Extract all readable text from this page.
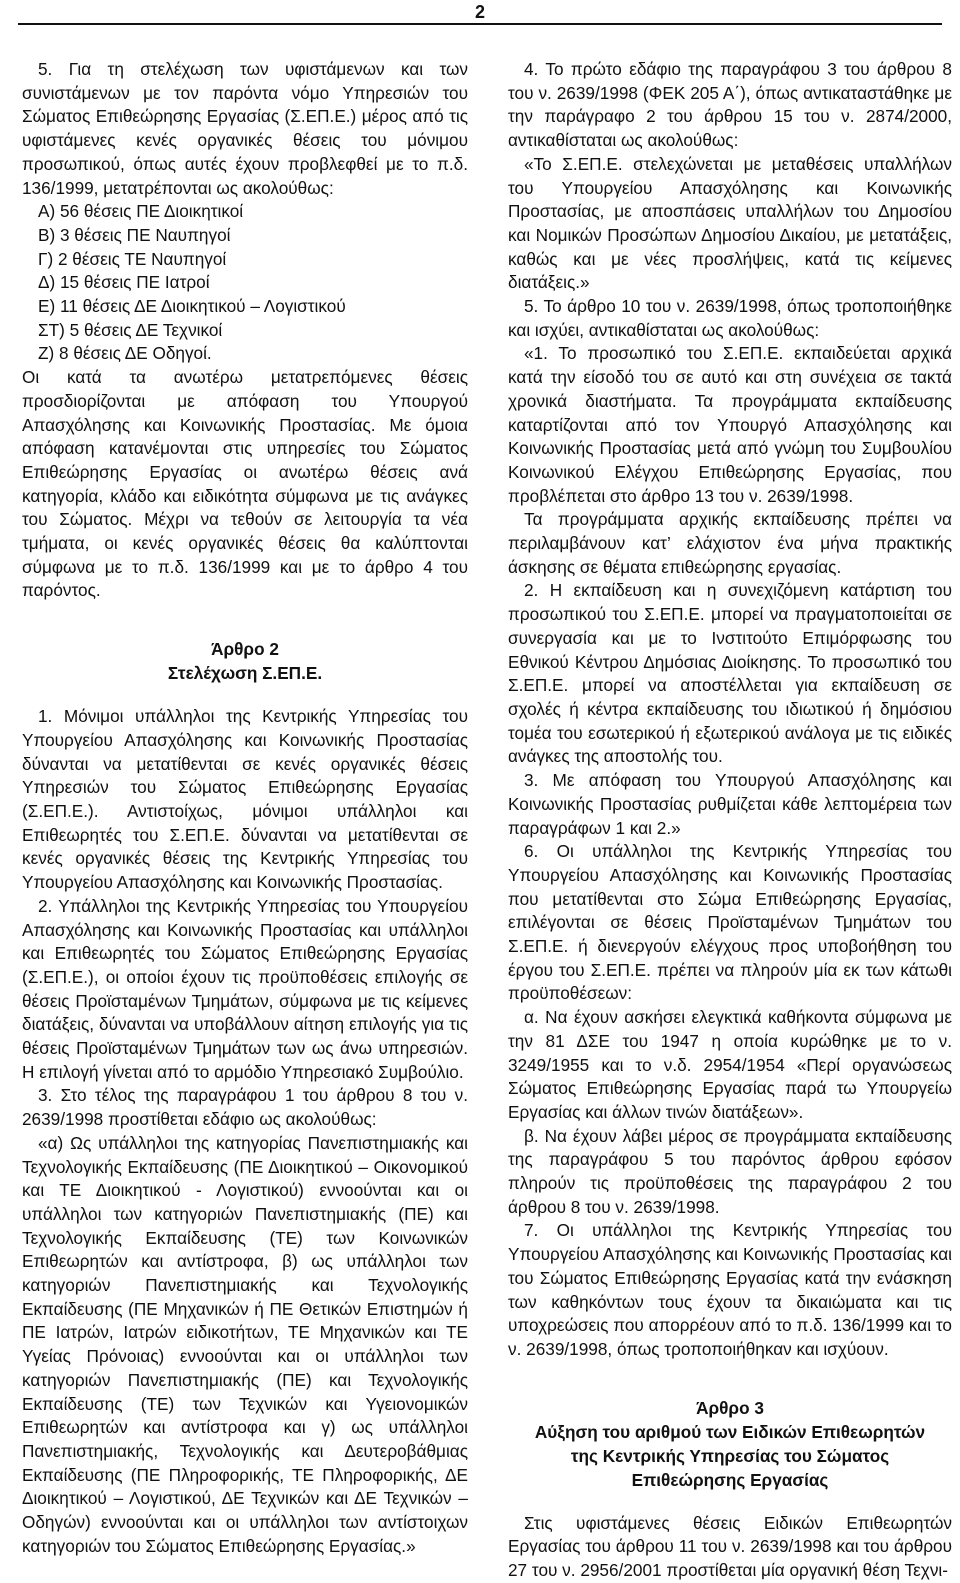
2

5. Για τη στελέχωση των υφιστάμενων και των συνιστάμενων με τον παρόντα νόμο Υπηρεσιών του Σώματος Επιθεώρησης Εργασίας (Σ.ΕΠ.Ε.) μέρος από τις υφιστάμενες κενές οργανικές θέσεις του μόνιμου προσωπικού, όπως αυτές έχουν προβλεφθεί με το π.δ. 136/1999, μετατρέπονται ως ακολούθως:

Α) 56 θέσεις ΠΕ Διοικητικοί

Β) 3 θέσεις ΠΕ Ναυπηγοί

Γ) 2 θέσεις ΤΕ Ναυπηγοί

Δ) 15 θέσεις ΠΕ Ιατροί

Ε) 11 θέσεις ΔΕ Διοικητικού – Λογιστικού

ΣΤ) 5 θέσεις ΔΕ Τεχνικοί

Ζ) 8 θέσεις ΔΕ Οδηγοί.

Οι κατά τα ανωτέρω μετατρεπόμενες θέσεις προσδιορίζονται με απόφαση του Υπουργού Απασχόλησης και Κοινωνικής Προστασίας. Με όμοια απόφαση κατανέμονται στις υπηρεσίες του Σώματος Επιθεώρησης Εργασίας οι ανωτέρω θέσεις ανά κατηγορία, κλάδο και ειδικότητα σύμφωνα με τις ανάγκες του Σώματος. Μέχρι να τεθούν σε λειτουργία τα νέα τμήματα, οι κενές οργανικές θέσεις θα καλύπτονται σύμφωνα με το π.δ. 136/1999 και με το άρθρο 4 του παρόντος.

Άρθρο 2
Στελέχωση Σ.ΕΠ.Ε.

1. Μόνιμοι υπάλληλοι της Κεντρικής Υπηρεσίας του Υπουργείου Απασχόλησης και Κοινωνικής Προστασίας δύνανται να μετατίθενται σε κενές οργανικές θέσεις Υπηρεσιών του Σώματος Επιθεώρησης Εργασίας (Σ.ΕΠ.Ε.). Αντιστοίχως, μόνιμοι υπάλληλοι και Επιθεωρητές του Σ.ΕΠ.Ε. δύνανται να μετατίθενται σε κενές οργανικές θέσεις της Κεντρικής Υπηρεσίας του Υπουργείου Απασχόλησης και Κοινωνικής Προστασίας.

2. Υπάλληλοι της Κεντρικής Υπηρεσίας του Υπουργείου Απασχόλησης και Κοινωνικής Προστασίας και υπάλληλοι και Επιθεωρητές του Σώματος Επιθεώρησης Εργασίας (Σ.ΕΠ.Ε.), οι οποίοι έχουν τις προϋποθέσεις επιλογής σε θέσεις Προϊσταμένων Τμημάτων, σύμφωνα με τις κείμενες διατάξεις, δύνανται να υποβάλλουν αίτηση επιλογής για τις θέσεις Προϊσταμένων Τμημάτων των ως άνω υπηρεσιών. Η επιλογή γίνεται από το αρμόδιο Υπηρεσιακό Συμβούλιο.

3. Στο τέλος της παραγράφου 1 του άρθρου 8 του ν. 2639/1998 προστίθεται εδάφιο ως ακολούθως:

«α) Ως υπάλληλοι της κατηγορίας Πανεπιστημιακής και Τεχνολογικής Εκπαίδευσης (ΠΕ Διοικητικού – Οικονομικού και ΤΕ Διοικητικού - Λογιστικού) εννοούνται και οι υπάλληλοι των κατηγοριών Πανεπιστημιακής (ΠΕ) και Τεχνολογικής Εκπαίδευσης (ΤΕ) των Κοινωνικών Επιθεωρητών και αντίστροφα, β) ως υπάλληλοι των κατηγοριών Πανεπιστημιακής και Τεχνολογικής Εκπαίδευσης (ΠΕ Μηχανικών ή ΠΕ Θετικών Επιστημών ή ΠΕ Ιατρών, Ιατρών ειδικοτήτων, ΤΕ Μηχανικών και ΤΕ Υγείας Πρόνοιας) εννοούνται και οι υπάλληλοι των κατηγοριών Πανεπιστημιακής (ΠΕ) και Τεχνολογικής Εκπαίδευσης (ΤΕ) των Τεχνικών και Υγειονομικών Επιθεωρητών και αντίστροφα και γ) ως υπάλληλοι Πανεπιστημιακής, Τεχνολογικής και Δευτεροβάθμιας Εκπαίδευσης (ΠΕ Πληροφορικής, ΤΕ Πληροφορικής, ΔΕ Διοικητικού – Λογιστικού, ΔΕ Τεχνικών και ΔΕ Τεχνικών – Οδηγών) εννοούνται και οι υπάλληλοι των αντίστοιχων κατηγοριών του Σώματος Επιθεώρησης Εργασίας.»

4. Το πρώτο εδάφιο της παραγράφου 3 του άρθρου 8 του ν. 2639/1998 (ΦΕΚ 205 Α΄), όπως αντικαταστάθηκε με την παράγραφο 2 του άρθρου 15 του ν. 2874/2000, αντικαθίσταται ως ακολούθως:

«Το Σ.ΕΠ.Ε. στελεχώνεται με μεταθέσεις υπαλλήλων του Υπουργείου Απασχόλησης και Κοινωνικής Προστασίας, με αποσπάσεις υπαλλήλων του Δημοσίου και Νομικών Προσώπων Δημοσίου Δικαίου, με μετατάξεις, καθώς και με νέες προσλήψεις, κατά τις κείμενες διατάξεις.»

5. Το άρθρο 10 του ν. 2639/1998, όπως τροποποιήθηκε και ισχύει, αντικαθίσταται ως ακολούθως:

«1. Το προσωπικό του Σ.ΕΠ.Ε. εκπαιδεύεται αρχικά κατά την είσοδό του σε αυτό και στη συνέχεια σε τακτά χρονικά διαστήματα. Τα προγράμματα εκπαίδευσης καταρτίζονται από τον Υπουργό Απασχόλησης και Κοινωνικής Προστασίας μετά από γνώμη του Συμβουλίου Κοινωνικού Ελέγχου Επιθεώρησης Εργασίας, που προβλέπεται στο άρθρο 13 του ν. 2639/1998.

Τα προγράμματα αρχικής εκπαίδευσης πρέπει να περιλαμβάνουν κατ’ ελάχιστον ένα μήνα πρακτικής άσκησης σε θέματα επιθεώρησης εργασίας.

2. Η εκπαίδευση και η συνεχιζόμενη κατάρτιση του προσωπικού του Σ.ΕΠ.Ε. μπορεί να πραγματοποιείται σε συνεργασία και με το Ινστιτούτο Επιμόρφωσης του Εθνικού Κέντρου Δημόσιας Διοίκησης. Το προσωπικό του Σ.ΕΠ.Ε. μπορεί να αποστέλλεται για εκπαίδευση σε σχολές ή κέντρα εκπαίδευσης του ιδιωτικού ή δημόσιου τομέα του εσωτερικού ή εξωτερικού ανάλογα με τις ειδικές ανάγκες της αποστολής του.

3. Με απόφαση του Υπουργού Απασχόλησης και Κοινωνικής Προστασίας ρυθμίζεται κάθε λεπτομέρεια των παραγράφων 1 και 2.»

6. Οι υπάλληλοι της Κεντρικής Υπηρεσίας του Υπουργείου Απασχόλησης και Κοινωνικής Προστασίας που μετατίθενται στο Σώμα Επιθεώρησης Εργασίας, επιλέγονται σε θέσεις Προϊσταμένων Τμημάτων του Σ.ΕΠ.Ε. ή διενεργούν ελέγχους προς υποβοήθηση του έργου του Σ.ΕΠ.Ε. πρέπει να πληρούν μία εκ των κάτωθι προϋποθέσεων:

α. Να έχουν ασκήσει ελεγκτικά καθήκοντα σύμφωνα με την 81 ΔΣΕ του 1947 η οποία κυρώθηκε με το ν. 3249/1955 και το ν.δ. 2954/1954 «Περί οργανώσεως Σώματος Επιθεώρησης Εργασίας παρά τω Υπουργείω Εργασίας και άλλων τινών διατάξεων».

β. Να έχουν λάβει μέρος σε προγράμματα εκπαίδευσης της παραγράφου 5 του παρόντος άρθρου εφόσον πληρούν τις προϋποθέσεις της παραγράφου 2 του άρθρου 8 του ν. 2639/1998.

7. Οι υπάλληλοι της Κεντρικής Υπηρεσίας του Υπουργείου Απασχόλησης και Κοινωνικής Προστασίας και του Σώματος Επιθεώρησης Εργασίας κατά την ενάσκηση των καθηκόντων τους έχουν τα δικαιώματα και τις υποχρεώσεις που απορρέουν από το π.δ. 136/1999 και το ν. 2639/1998, όπως τροποποιήθηκαν και ισχύουν.

Άρθρο 3
Αύξηση του αριθμού των Ειδικών Επιθεωρητών
της Κεντρικής Υπηρεσίας του Σώματος
Επιθεώρησης Εργασίας

Στις υφιστάμενες θέσεις Ειδικών Επιθεωρητών Εργασίας του άρθρου 11 του ν. 2639/1998 και του άρθρου 27 του ν. 2956/2001 προστίθεται μία οργανική θέση Τεχνι-
